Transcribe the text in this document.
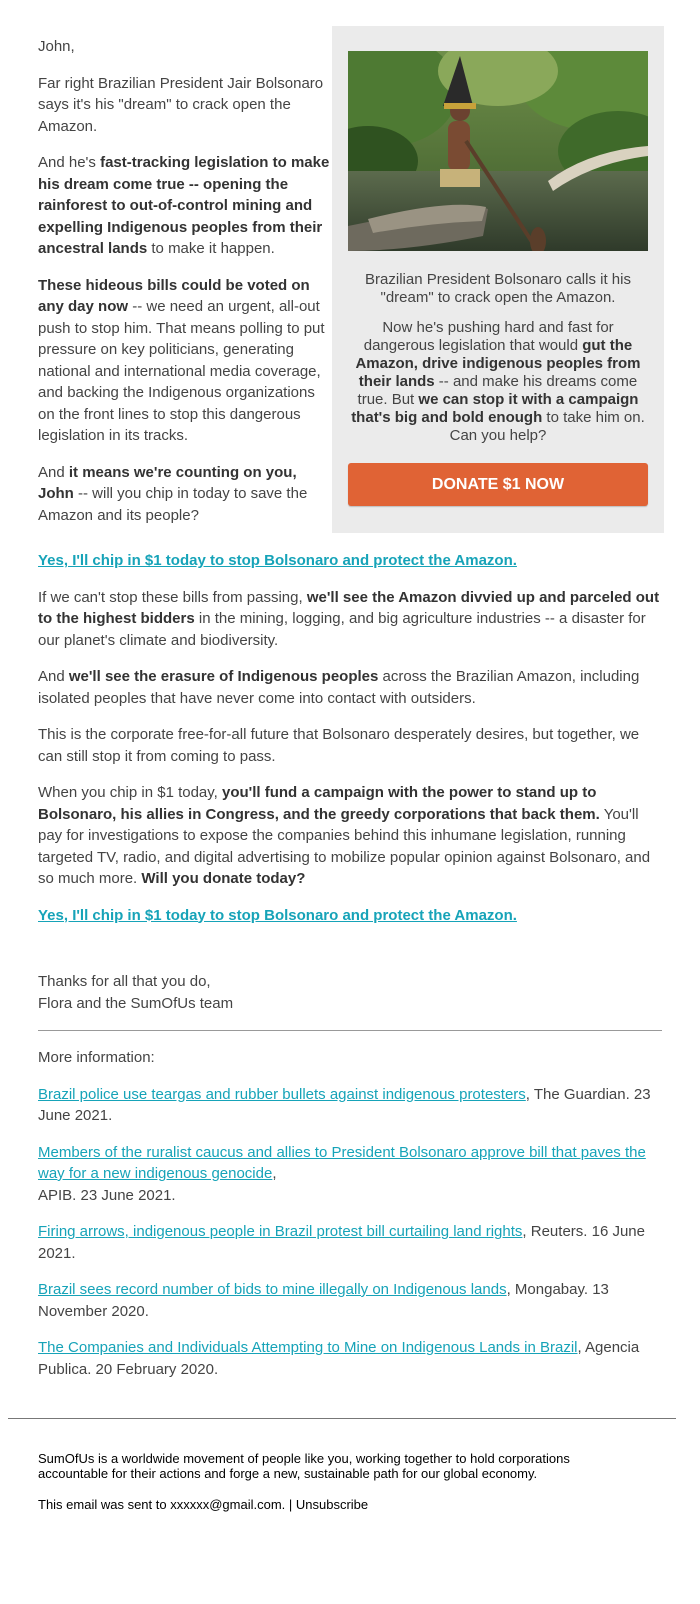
John,

Far right Brazilian President Jair Bolsonaro says it's his "dream" to crack open the Amazon.

And he's fast-tracking legislation to make his dream come true -- opening the rainforest to out-of-control mining and expelling Indigenous peoples from their ancestral lands to make it happen.

These hideous bills could be voted on any day now -- we need an urgent, all-out push to stop him. That means polling to put pressure on key politicians, generating national and international media coverage, and backing the Indigenous organizations on the front lines to stop this dangerous legislation in its tracks.

And it means we're counting on you, John -- will you chip in today to save the Amazon and its people?

Brazilian President Bolsonaro calls it his "dream" to crack open the Amazon.

Now he's pushing hard and fast for dangerous legislation that would gut the Amazon, drive indigenous peoples from their lands -- and make his dreams come true. But we can stop it with a campaign that's big and bold enough to take him on. Can you help?

DONATE $1 NOW

Yes, I'll chip in $1 today to stop Bolsonaro and protect the Amazon.

If we can't stop these bills from passing, we'll see the Amazon divvied up and parceled out to the highest bidders in the mining, logging, and big agriculture industries -- a disaster for our planet's climate and biodiversity.

And we'll see the erasure of Indigenous peoples across the Brazilian Amazon, including isolated peoples that have never come into contact with outsiders.

This is the corporate free-for-all future that Bolsonaro desperately desires, but together, we can still stop it from coming to pass.

When you chip in $1 today, you'll fund a campaign with the power to stand up to Bolsonaro, his allies in Congress, and the greedy corporations that back them. You'll pay for investigations to expose the companies behind this inhumane legislation, running targeted TV, radio, and digital advertising to mobilize popular opinion against Bolsonaro, and so much more. Will you donate today?

Yes, I'll chip in $1 today to stop Bolsonaro and protect the Amazon.

Thanks for all that you do,
Flora and the SumOfUs team

More information:

Brazil police use teargas and rubber bullets against indigenous protesters, The Guardian. 23 June 2021.

Members of the ruralist caucus and allies to President Bolsonaro approve bill that paves the way for a new indigenous genocide,
APIB. 23 June 2021.

Firing arrows, indigenous people in Brazil protest bill curtailing land rights, Reuters. 16 June 2021.

Brazil sees record number of bids to mine illegally on Indigenous lands, Mongabay. 13 November 2020.

The Companies and Individuals Attempting to Mine on Indigenous Lands in Brazil, Agencia Publica. 20 February 2020.

SumOfUs is a worldwide movement of people like you, working together to hold corporations accountable for their actions and forge a new, sustainable path for our global economy.

This email was sent to xxxxxx@gmail.com. | Unsubscribe
